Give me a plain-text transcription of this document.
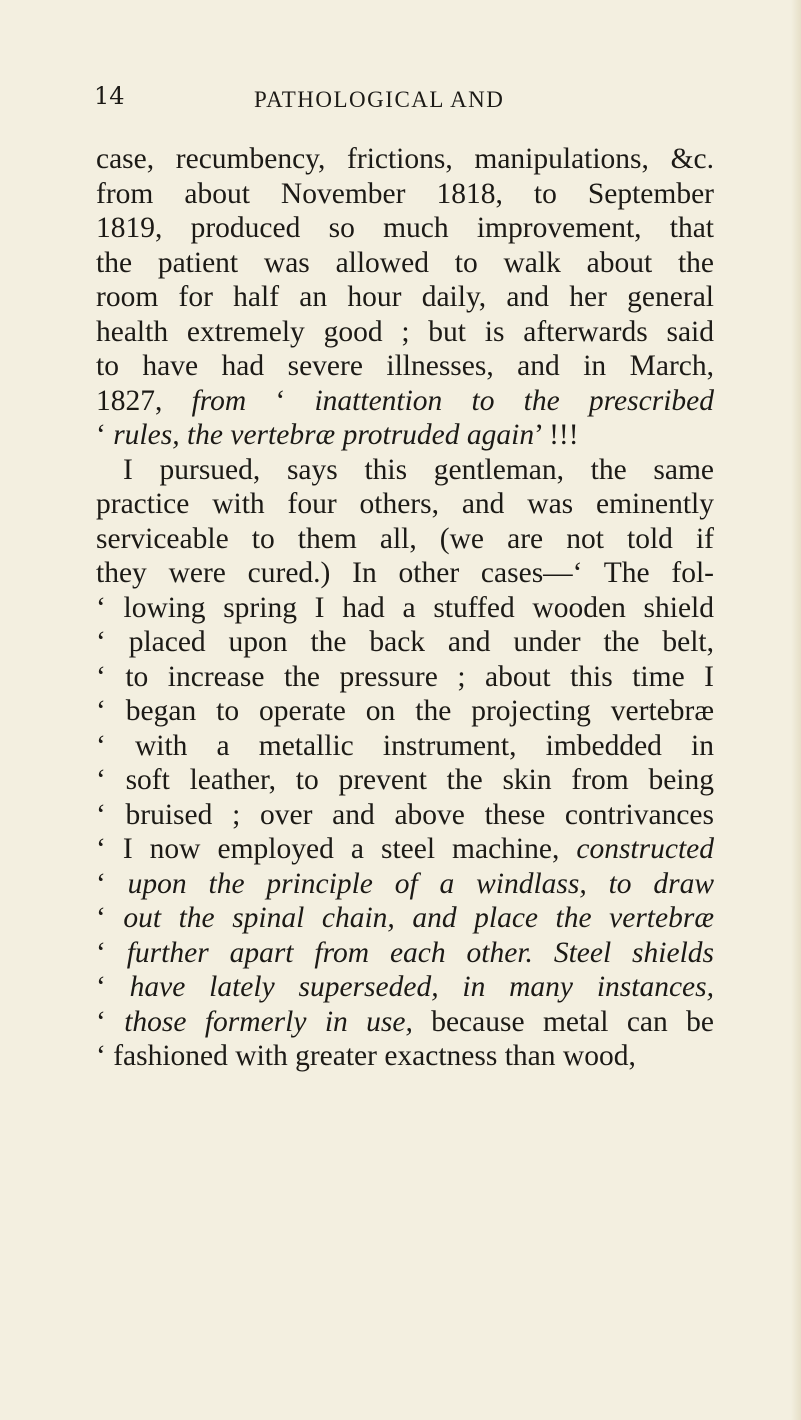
14	PATHOLOGICAL AND
case, recumbency, frictions, manipulations, &c.
from about November 1818, to September
1819, produced so much improvement, that
the patient was allowed to walk about the
room for half an hour daily, and her general
health extremely good ; but is afterwards said
to have had severe illnesses, and in March,
1827, from ‘ inattention to the prescribed
‘ rules, the vertebræ protruded again’ !!!
I pursued, says this gentleman, the same
practice with four others, and was eminently
serviceable to them all, (we are not told if
they were cured.) In other cases—‘ The fol-
‘ lowing spring I had a stuffed wooden shield
‘ placed upon the back and under the belt,
‘ to increase the pressure ; about this time I
‘ began to operate on the projecting vertebræ
‘ with a metallic instrument, imbedded in
‘ soft leather, to prevent the skin from being
‘ bruised ; over and above these contrivances
‘ I now employed a steel machine, constructed
‘ upon the principle of a windlass, to draw
‘ out the spinal chain, and place the vertebræ
‘ further apart from each other. Steel shields
‘ have lately superseded, in many instances,
‘ those formerly in use, because metal can be
‘ fashioned with greater exactness than wood,
